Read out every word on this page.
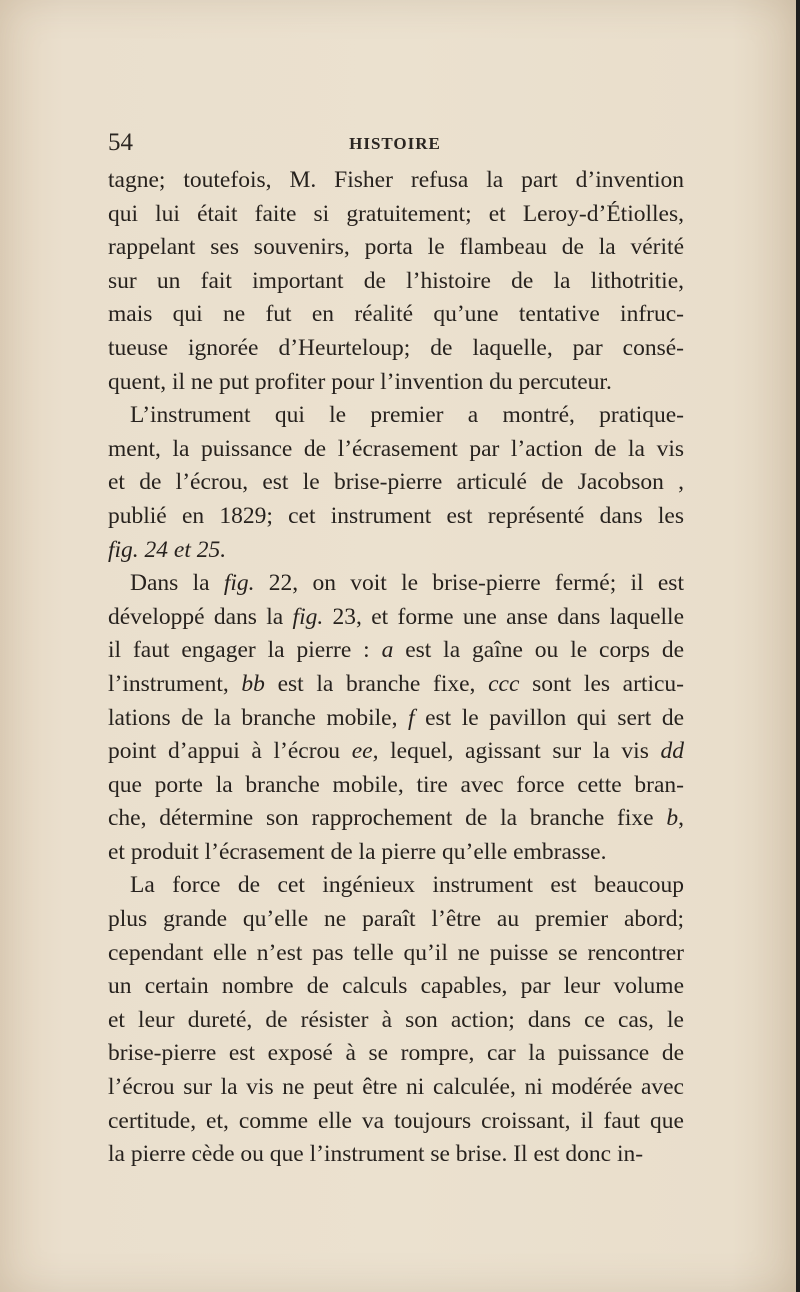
54	HISTOIRE
tagne; toutefois, M. Fisher refusa la part d’invention
qui lui était faite si gratuitement; et Leroy-d’Étiolles,
rappelant ses souvenirs, porta le flambeau de la vérité
sur un fait important de l’histoire de la lithotritie,
mais qui ne fut en réalité qu’une tentative infruc-
tueuse ignorée d’Heurteloup; de laquelle, par consé-
quent, il ne put profiter pour l’invention du percuteur.
L’instrument qui le premier a montré, pratique-
ment, la puissance de l’écrasement par l’action de la vis
et de l’écrou, est le brise-pierre articulé de Jacobson ,
publié en 1829; cet instrument est représenté dans les
fig. 24 et 25.
Dans la fig. 22, on voit le brise-pierre fermé; il est
développé dans la fig. 23, et forme une anse dans laquelle
il faut engager la pierre : a est la gaîne ou le corps de
l’instrument, bb est la branche fixe, ccc sont les articu-
lations de la branche mobile, f est le pavillon qui sert de
point d’appui à l’écrou ee, lequel, agissant sur la vis dd
que porte la branche mobile, tire avec force cette bran-
che, détermine son rapprochement de la branche fixe b,
et produit l’écrasement de la pierre qu’elle embrasse.
La force de cet ingénieux instrument est beaucoup
plus grande qu’elle ne paraît l’être au premier abord;
cependant elle n’est pas telle qu’il ne puisse se rencontrer
un certain nombre de calculs capables, par leur volume
et leur dureté, de résister à son action; dans ce cas, le
brise-pierre est exposé à se rompre, car la puissance de
l’écrou sur la vis ne peut être ni calculée, ni modérée avec
certitude, et, comme elle va toujours croissant, il faut que
la pierre cède ou que l’instrument se brise. Il est donc in-
